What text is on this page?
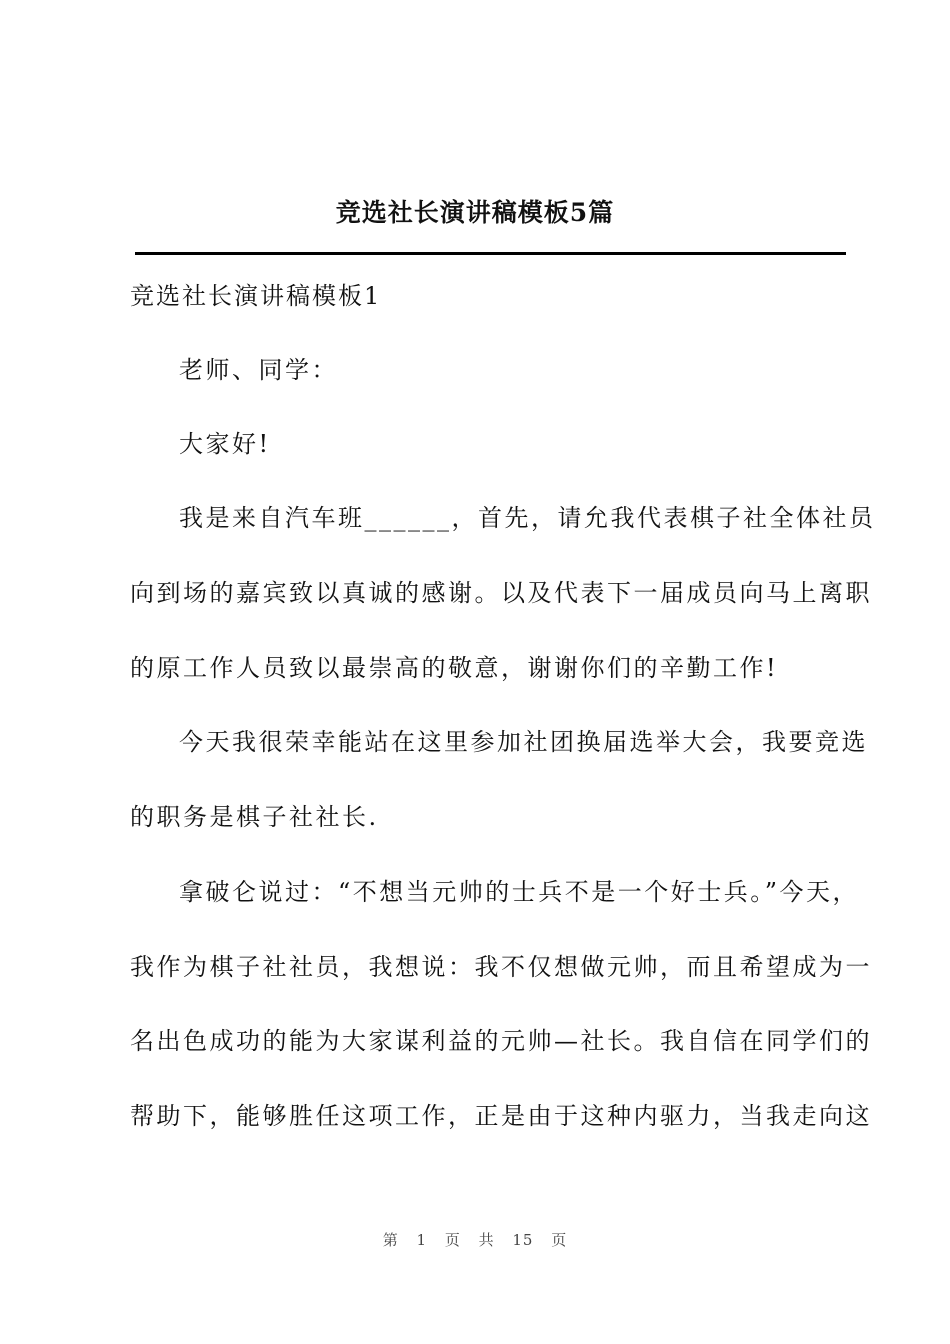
竞选社长演讲稿模板5篇

竞选社长演讲稿模板1

老师、同学：

大家好!

我是来自汽车班______，首先，请允我代表棋子社全体社员

向到场的嘉宾致以真诚的感谢。以及代表下一届成员向马上离职

的原工作人员致以最崇高的敬意，谢谢你们的辛勤工作!

今天我很荣幸能站在这里参加社团换届选举大会，我要竞选

的职务是棋子社社长.

拿破仑说过：“不想当元帅的士兵不是一个好士兵。”今天，

我作为棋子社社员，我想说：我不仅想做元帅，而且希望成为一

名出色成功的能为大家谋利益的元帅—社长。我自信在同学们的

帮助下，能够胜任这项工作，正是由于这种内驱力，当我走向这

第 1 页 共 15 页
